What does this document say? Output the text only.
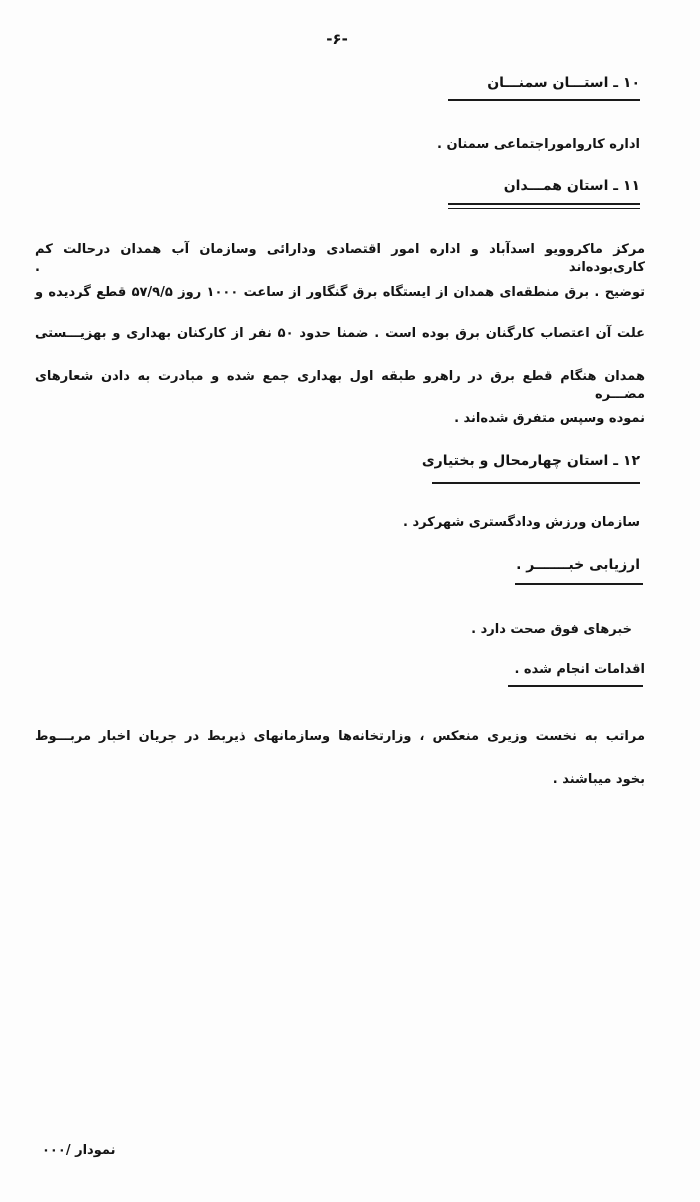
-۶-
۱۰ ـ استـــان سمنـــان
اداره کار‌وامور‌اجتماعی سمنان .
۱۱ ـ استان همـــدان
مرکز ماکروویو اسدآباد و اداره امور اقتصادی ودارائی وسازمان آب همدان درحالت کم کاری‌بوده‌اند .
توضیح . برق منطقه‌ای همدان از ایستگاه برق گنگاور از ساعت ۱۰۰۰ روز ۵۷/۹/۵ قطع گردیده و
علت آن اعتصاب کارگنان برق بوده است . ضمنا حدود ۵۰ نفر از کارکنان بهداری و بهزیـــستی
همدان هنگام قطع برق در راهرو طبقه اول بهداری جمع شده و مبادرت به دادن شعارهای مضـــره
نموده وسپس متفرق شده‌اند .
۱۲ ـ استان چهارمحال و بختیاری
سازمان ورزش ودادگستری شهرکرد .
ارزیابی خبـــــــر .
خبرهای فوق صحت دارد .
اقدامات انجام شده .
مراتب به نخست وزیری منعکس ، وزارتخانه‌ها وسازمانهای ذیربط در جریان اخبار مربـــوط
بخود میباشند .
نمودار /۰۰۰
